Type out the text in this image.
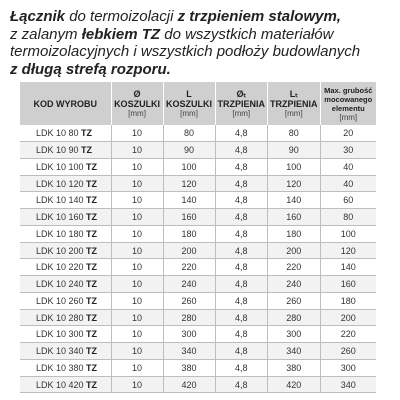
Łącznik do termoizolacji z trzpieniem stalowym,
z zalanym łebkiem TZ do wszystkich materiałów
termoizolacyjnych i wszystkich podłoży budowlanych
z długą strefą rozporu.

KOD WYROBU	Ø
KOSZULKI
[mm]	L
KOSZULKI
[mm]	Øₜ
TRZPIENIA
[mm]	Lₜ
TRZPIENIA
[mm]	Max. grubość mocowanego elementu
[mm]

LDK 10 80 TZ	10	80	4,8	80	20
LDK 10 90 TZ	10	90	4,8	90	30
LDK 10 100 TZ	10	100	4,8	100	40
LDK 10 120 TZ	10	120	4,8	120	40
LDK 10 140 TZ	10	140	4,8	140	60
LDK 10 160 TZ	10	160	4,8	160	80
LDK 10 180 TZ	10	180	4,8	180	100
LDK 10 200 TZ	10	200	4,8	200	120
LDK 10 220 TZ	10	220	4,8	220	140
LDK 10 240 TZ	10	240	4,8	240	160
LDK 10 260 TZ	10	260	4,8	260	180
LDK 10 280 TZ	10	280	4,8	280	200
LDK 10 300 TZ	10	300	4,8	300	220
LDK 10 340 TZ	10	340	4,8	340	260
LDK 10 380 TZ	10	380	4,8	380	300
LDK 10 420 TZ	10	420	4,8	420	340
